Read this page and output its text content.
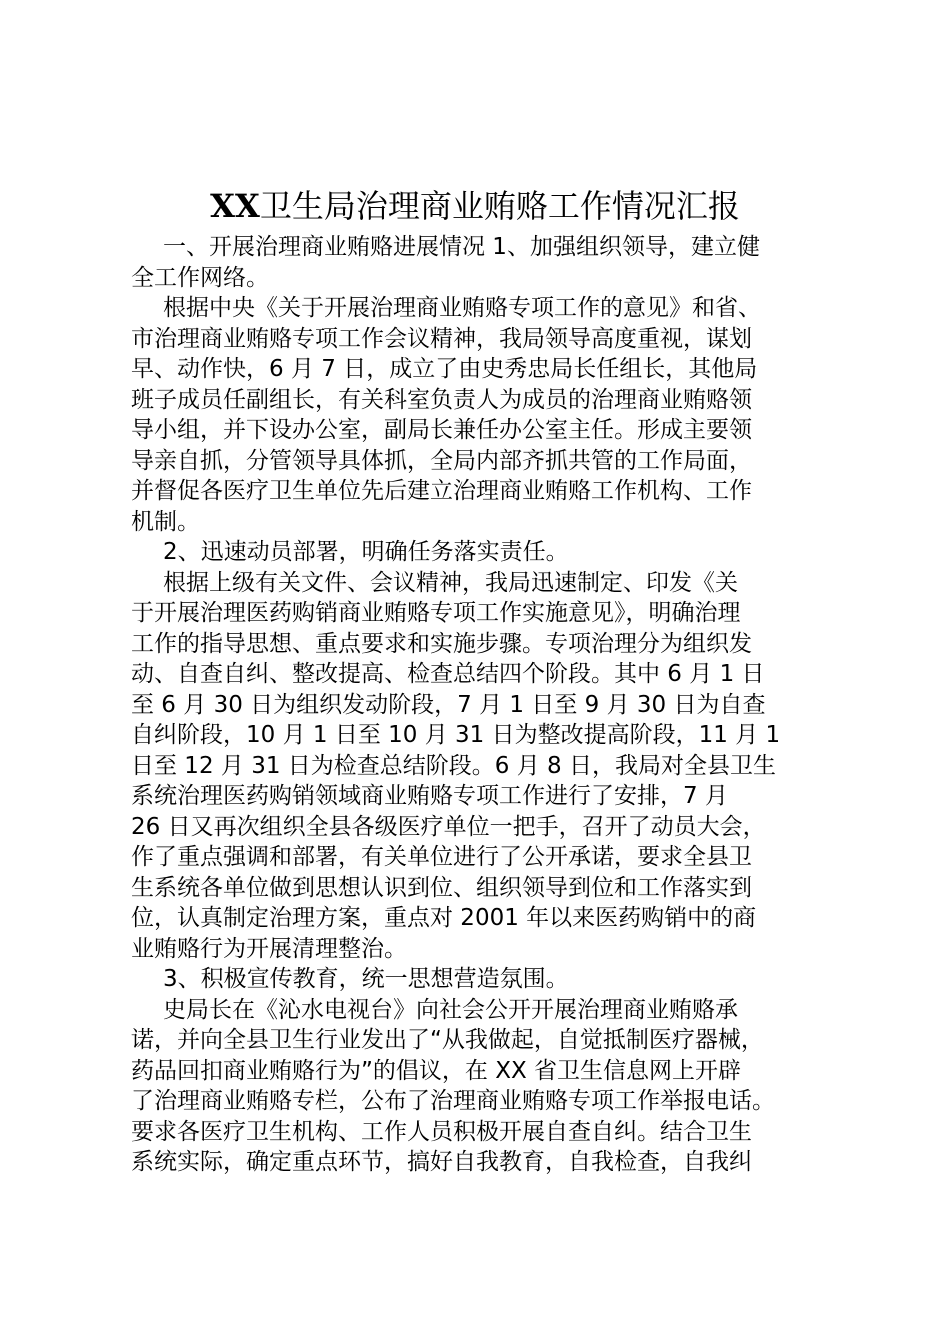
XX卫生局治理商业贿赂工作情况汇报
一、开展治理商业贿赂进展情况 1、加强组织领导，建立健
全工作网络。
根据中央《关于开展治理商业贿赂专项工作的意见》和省、
市治理商业贿赂专项工作会议精神，我局领导高度重视，谋划
早、动作快，6 月 7 日，成立了由史秀忠局长任组长，其他局
班子成员任副组长，有关科室负责人为成员的治理商业贿赂领
导小组，并下设办公室，副局长兼任办公室主任。形成主要领
导亲自抓，分管领导具体抓，全局内部齐抓共管的工作局面，
并督促各医疗卫生单位先后建立治理商业贿赂工作机构、工作
机制。
2、迅速动员部署，明确任务落实责任。
根据上级有关文件、会议精神，我局迅速制定、印发《关
于开展治理医药购销商业贿赂专项工作实施意见》，明确治理
工作的指导思想、重点要求和实施步骤。专项治理分为组织发
动、自查自纠、整改提高、检查总结四个阶段。其中 6 月 1 日
至 6 月 30 日为组织发动阶段，7 月 1 日至 9 月 30 日为自查
自纠阶段，10 月 1 日至 10 月 31 日为整改提高阶段，11 月 1
日至 12 月 31 日为检查总结阶段。6 月 8 日，我局对全县卫生
系统治理医药购销领域商业贿赂专项工作进行了安排，7 月
26 日又再次组织全县各级医疗单位一把手，召开了动员大会，
作了重点强调和部署，有关单位进行了公开承诺，要求全县卫
生系统各单位做到思想认识到位、组织领导到位和工作落实到
位，认真制定治理方案，重点对 2001 年以来医药购销中的商
业贿赂行为开展清理整治。
3、积极宣传教育，统一思想营造氛围。
史局长在《沁水电视台》向社会公开开展治理商业贿赂承
诺，并向全县卫生行业发出了“从我做起，自觉抵制医疗器械，
药品回扣商业贿赂行为”的倡议，在 XX 省卫生信息网上开辟
了治理商业贿赂专栏，公布了治理商业贿赂专项工作举报电话。
要求各医疗卫生机构、工作人员积极开展自查自纠。结合卫生
系统实际，确定重点环节，搞好自我教育，自我检查，自我纠
